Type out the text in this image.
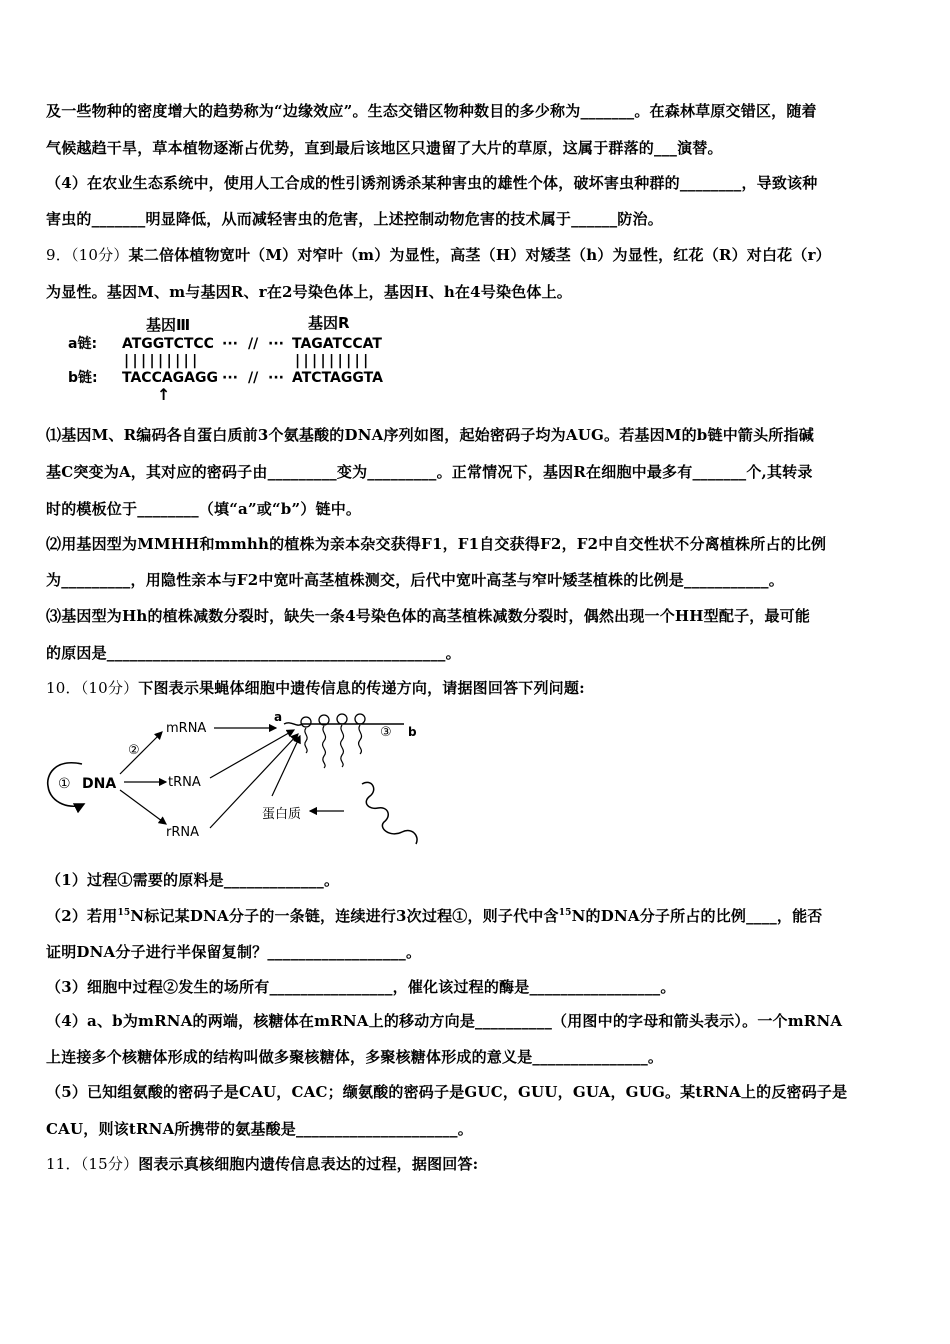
及一些物种的密度增大的趋势称为“边缘效应”。生态交错区物种数目的多少称为_______。在森林草原交错区，随着
气候越趋干旱，草本植物逐渐占优势，直到最后该地区只遗留了大片的草原，这属于群落的___演替。
（4）在农业生态系统中，使用人工合成的性引诱剂诱杀某种害虫的雄性个体，破坏害虫种群的________，导致该种
害虫的_______明显降低，从而减轻害虫的危害，上述控制动物危害的技术属于______防治。
9．（10分）某二倍体植物宽叶（M）对窄叶（m）为显性，高茎（H）对矮茎（h）为显性，红花（R）对白花（r）
为显性。基因M、m与基因R、r在2号染色体上，基因H、h在4号染色体上。
基因Ⅲ	基因R
a链:
b链:
ATGGTCTCC ··· // ··· TAGATCCAT
|||||||||	|||||||||
TACCAGAGG ··· // ··· ATCTAGGTA
↑
⑴基因M、R编码各自蛋白质前3个氨基酸的DNA序列如图，起始密码子均为AUG。若基因M的b链中箭头所指碱
基C突变为A，其对应的密码子由_________变为_________。正常情况下，基因R在细胞中最多有_______个,其转录
时的模板位于________（填“a”或“b”）链中。
⑵用基因型为MMHH和mmhh的植株为亲本杂交获得F1，F1自交获得F2，F2中自交性状不分离植株所占的比例
为_________，用隐性亲本与F2中宽叶高茎植株测交，后代中宽叶高茎与窄叶矮茎植株的比例是___________。
⑶基因型为Hh的植株减数分裂时，缺失一条4号染色体的高茎植株减数分裂时，偶然出现一个HH型配子，最可能
的原因是____________________________________________。
10．（10分）下图表示果蝇体细胞中遗传信息的传递方向，请据图回答下列问题:
① DNA
②
mRNA
tRNA
rRNA
a
③ b
蛋白质
（1）过程①需要的原料是_____________。
（2）若用$^{15}$N标记某DNA分子的一条链，连续进行3次过程①，则子代中含$^{15}$N的DNA分子所占的比例____，能否
证明DNA分子进行半保留复制？__________________。
（3）细胞中过程②发生的场所有________________，催化该过程的酶是_________________。
（4）a、b为mRNA的两端，核糖体在mRNA上的移动方向是__________（用图中的字母和箭头表示）。一个mRNA
上连接多个核糖体形成的结构叫做多聚核糖体，多聚核糖体形成的意义是_______________。
（5）已知组氨酸的密码子是CAU，CAC；缬氨酸的密码子是GUC，GUU，GUA，GUG。某tRNA上的反密码子是
CAU，则该tRNA所携带的氨基酸是_____________________。
11．（15分）图表示真核细胞内遗传信息表达的过程，据图回答:
